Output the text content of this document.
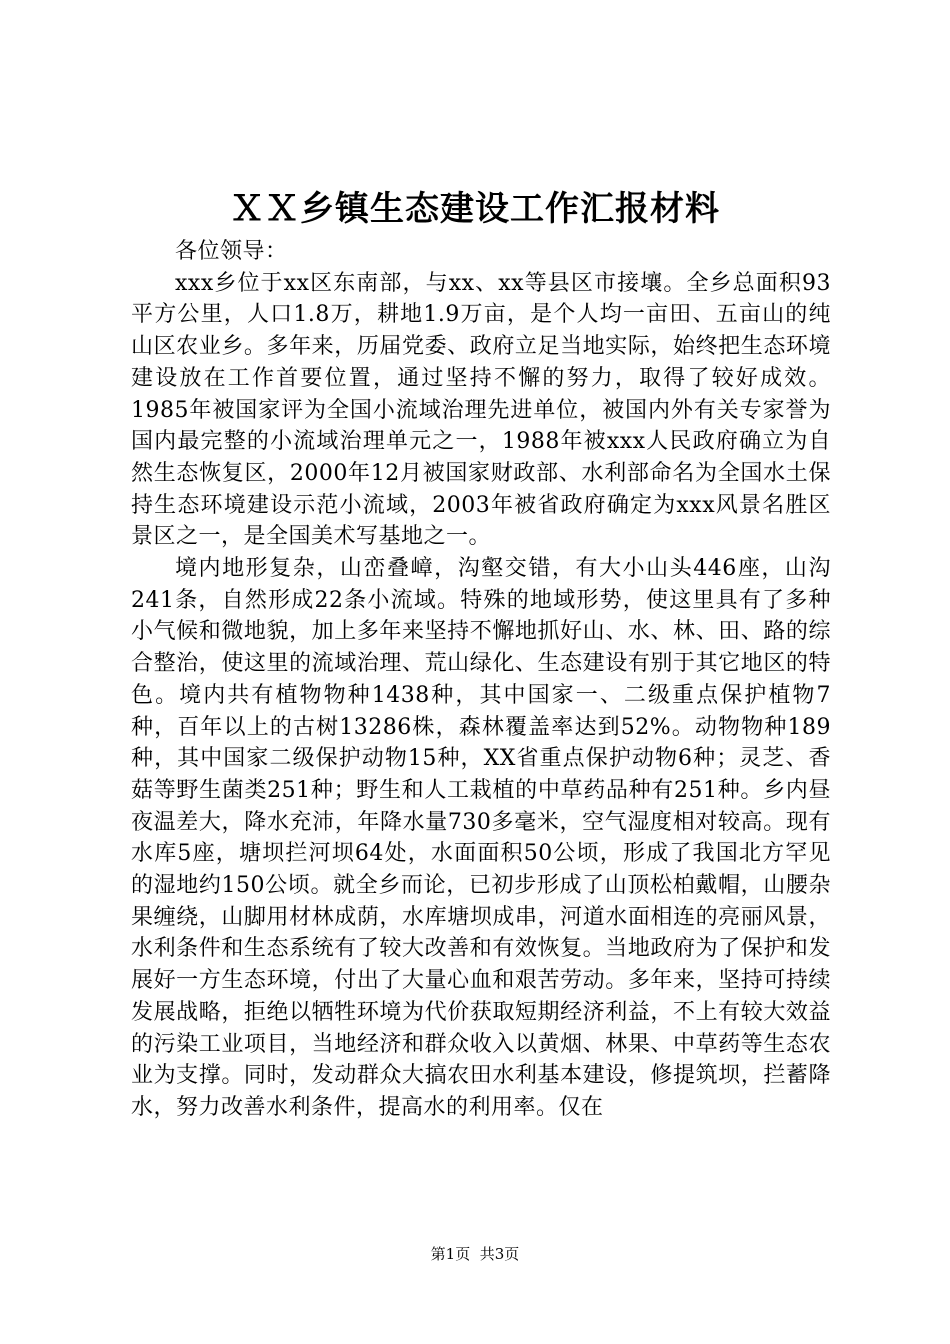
ＸＸ乡镇生态建设工作汇报材料

各位领导：

xxx乡位于xx区东南部，与xx、xx等县区市接壤。全乡总面积93平方公里，人口1.8万，耕地1.9万亩，是个人均一亩田、五亩山的纯山区农业乡。多年来，历届党委、政府立足当地实际，始终把生态环境建设放在工作首要位置，通过坚持不懈的努力，取得了较好成效。1985年被国家评为全国小流域治理先进单位，被国内外有关专家誉为国内最完整的小流域治理单元之一，1988年被xxx人民政府确立为自然生态恢复区，2000年12月被国家财政部、水利部命名为全国水土保持生态环境建设示范小流域，2003年被省政府确定为xxx风景名胜区景区之一，是全国美术写基地之一。

境内地形复杂，山峦叠嶂，沟壑交错，有大小山头446座，山沟241条，自然形成22条小流域。特殊的地域形势，使这里具有了多种小气候和微地貌，加上多年来坚持不懈地抓好山、水、林、田、路的综合整治，使这里的流域治理、荒山绿化、生态建设有别于其它地区的特色。境内共有植物物种1438种，其中国家一、二级重点保护植物7种，百年以上的古树13286株，森林覆盖率达到52%。动物物种189种，其中国家二级保护动物15种，XX省重点保护动物6种；灵芝、香菇等野生菌类251种；野生和人工栽植的中草药品种有251种。乡内昼夜温差大，降水充沛，年降水量730多毫米，空气湿度相对较高。现有水库5座，塘坝拦河坝64处，水面面积50公顷，形成了我国北方罕见的湿地约150公顷。就全乡而论，已初步形成了山顶松柏戴帽，山腰杂果缠绕，山脚用材林成荫，水库塘坝成串，河道水面相连的亮丽风景，水利条件和生态系统有了较大改善和有效恢复。当地政府为了保护和发展好一方生态环境，付出了大量心血和艰苦劳动。多年来，坚持可持续发展战略，拒绝以牺牲环境为代价获取短期经济利益，不上有较大效益的污染工业项目，当地经济和群众收入以黄烟、林果、中草药等生态农业为支撑。同时，发动群众大搞农田水利基本建设，修提筑坝，拦蓄降水，努力改善水利条件，提高水的利用率。仅在

第1页 共3页
